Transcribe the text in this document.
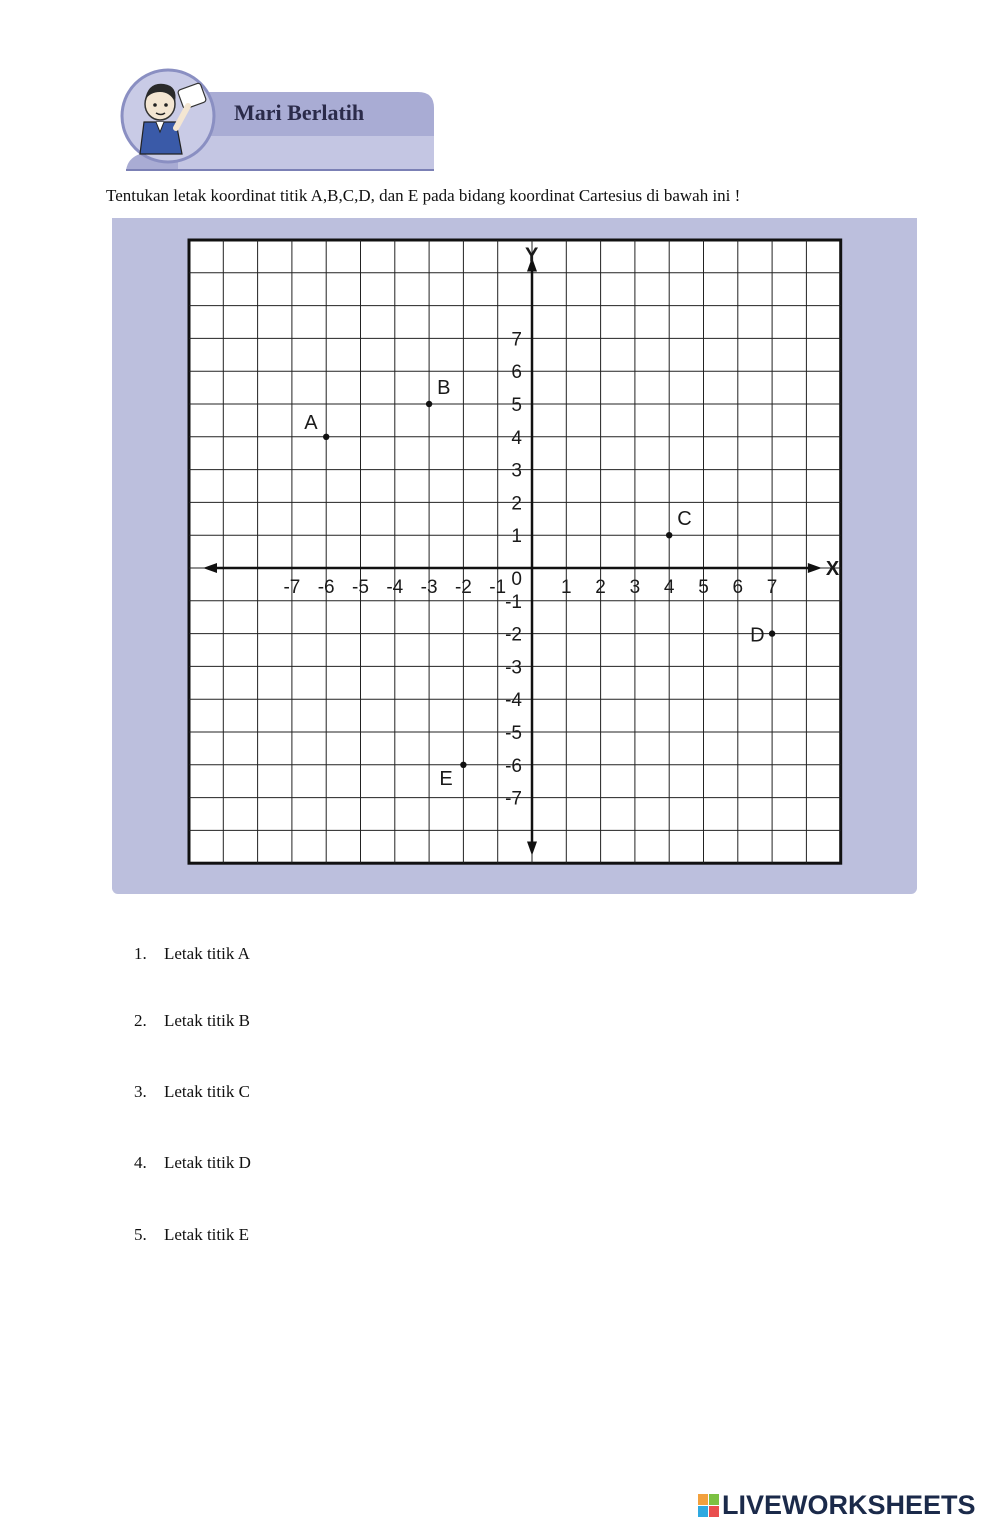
Mari Berlatih
Tentukan letak koordinat titik A,B,C,D, dan E pada bidang koordinat Cartesius di bawah ini !
X
Y
-7 -6 -5 -4 -3 -2 -1	1 2 3 4 5 6 7
-7
-6
-5
-4
-3
-2
-1
1
2
3
4
5
6
7
0
A
B
C
D
E
1. Letak titik A
2. Letak titik B
3. Letak titik C
4. Letak titik D
5. Letak titik E
LIVEWORKSHEETS
